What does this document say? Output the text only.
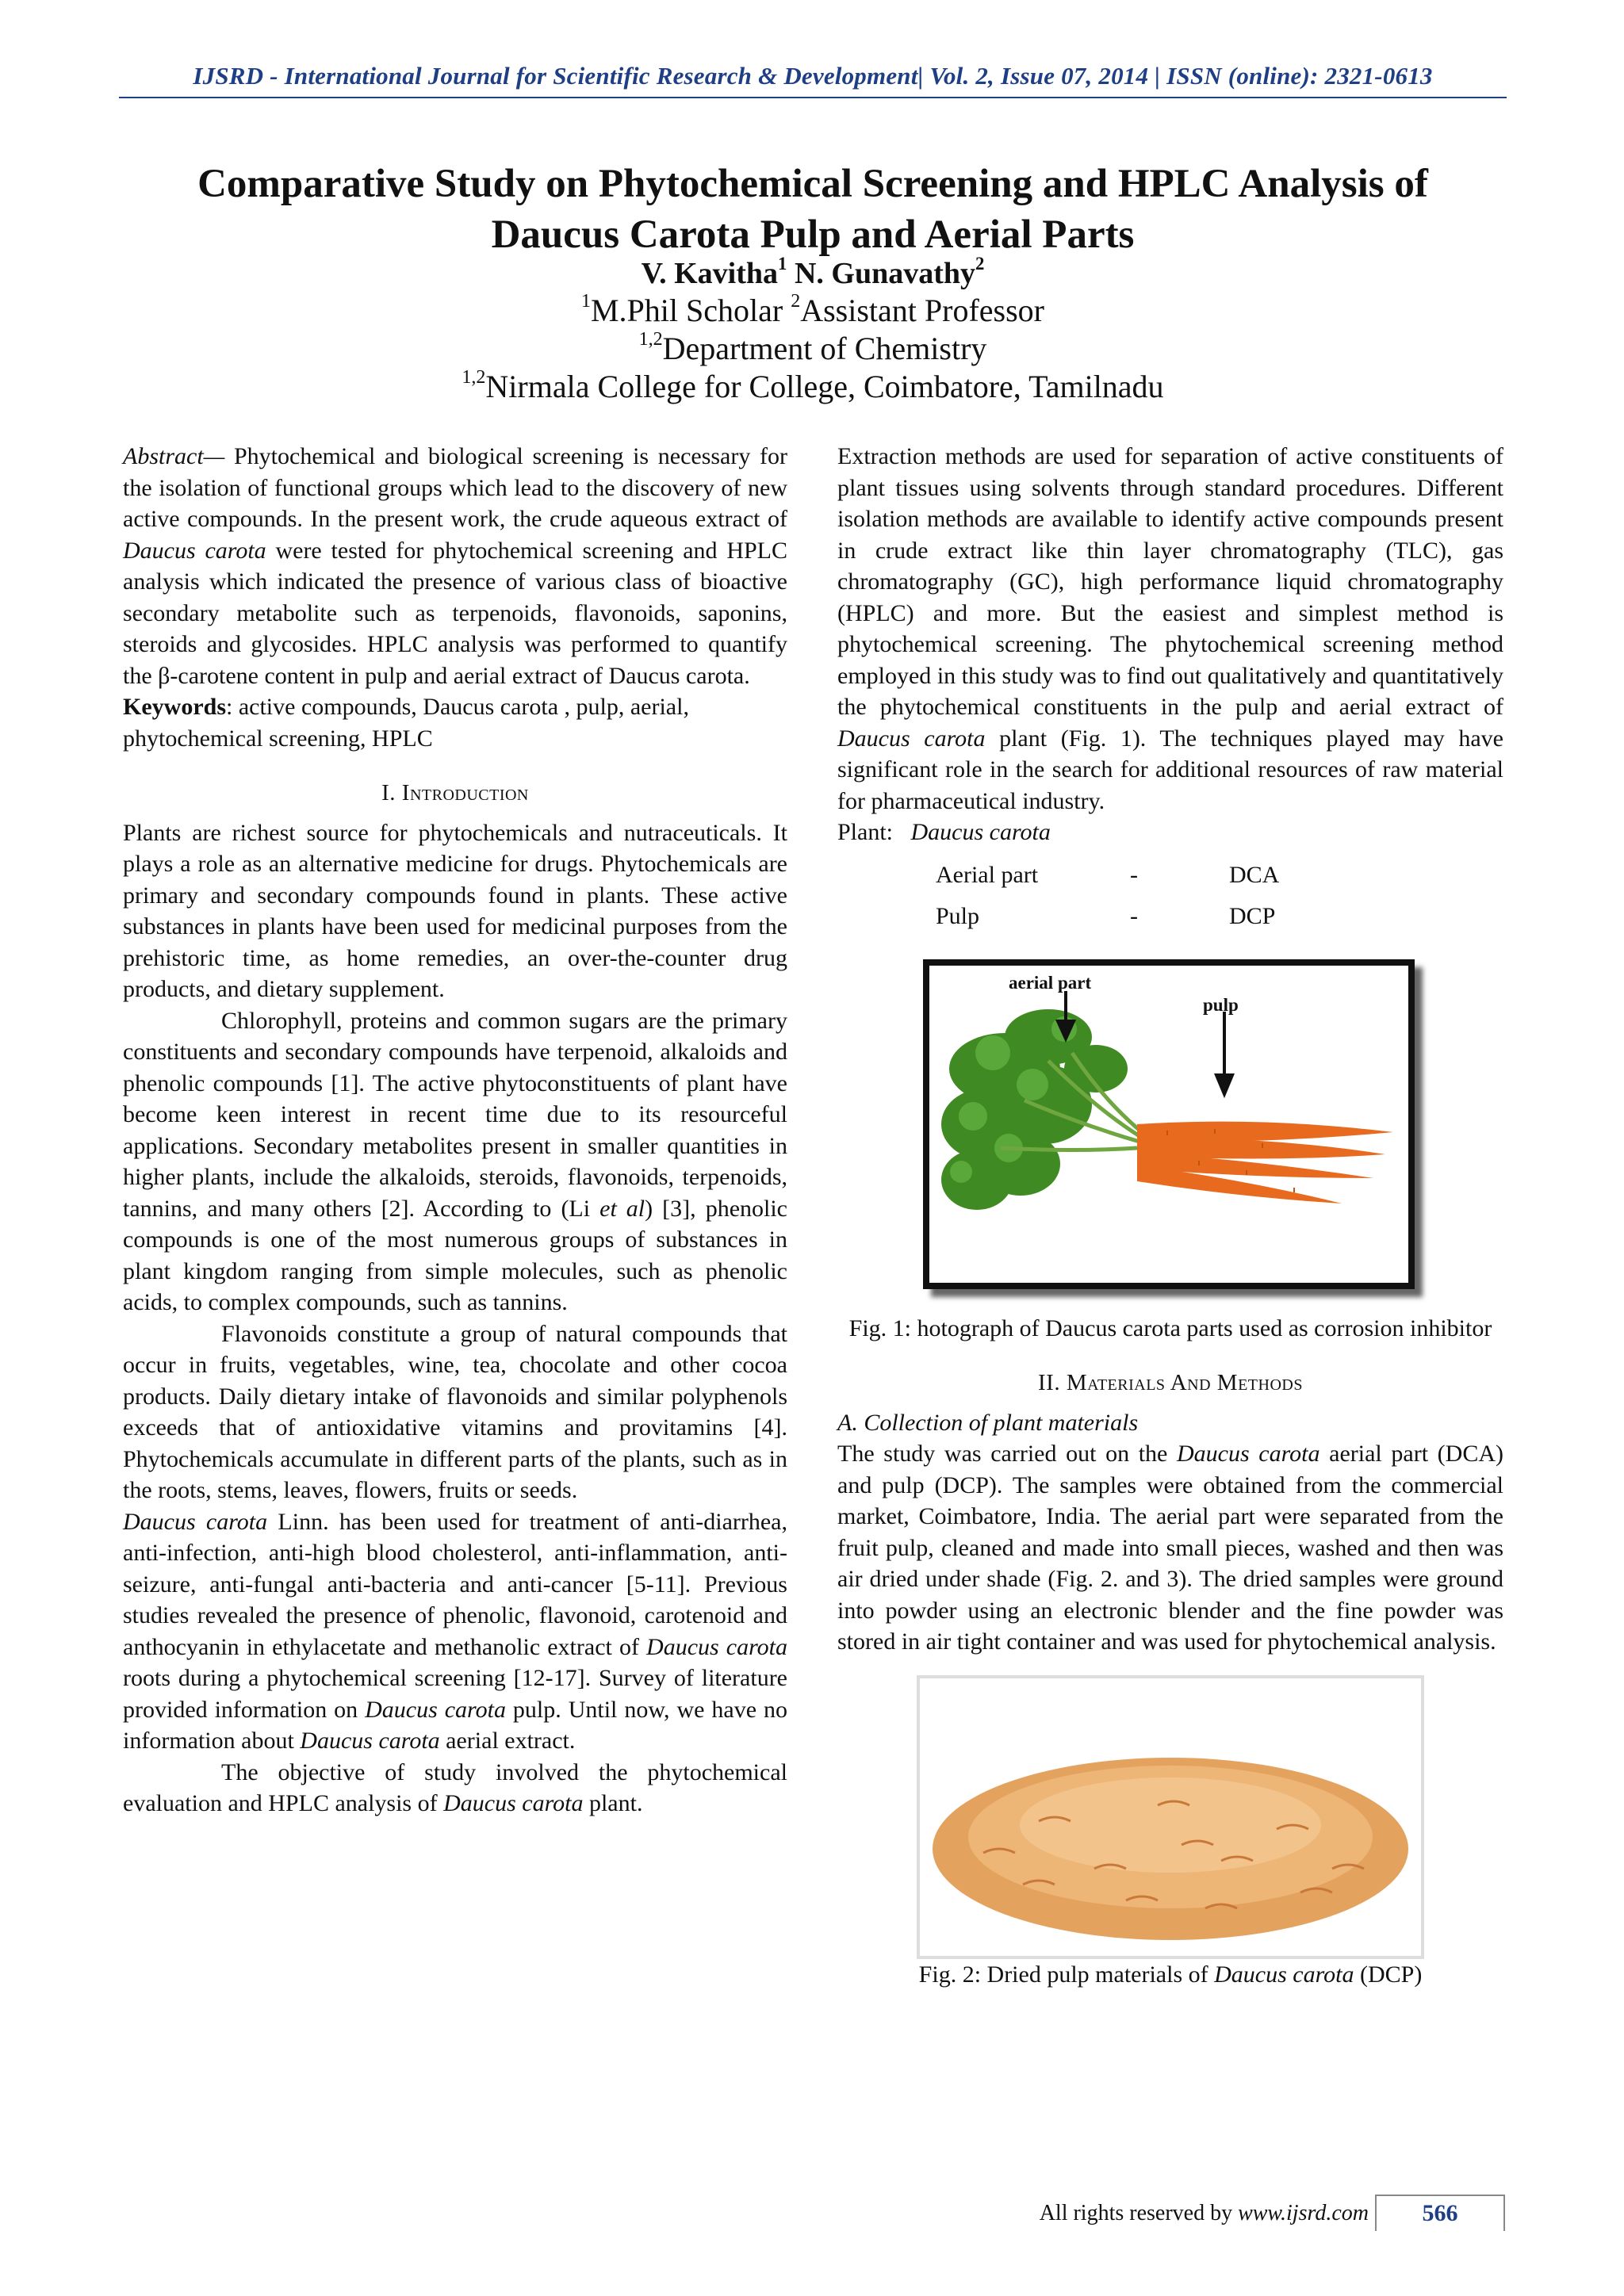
IJSRD - International Journal for Scientific Research & Development| Vol. 2, Issue 07, 2014 | ISSN (online): 2321-0613
Comparative Study on Phytochemical Screening and HPLC Analysis of
Daucus Carota Pulp and Aerial Parts
V. Kavitha$^1$ N. Gunavathy$^2$
$^1$M.Phil Scholar $^2$Assistant Professor
$^{1,2}$Department of Chemistry
$^{1,2}$Nirmala College for College, Coimbatore, Tamilnadu

Abstract— Phytochemical and biological screening is necessary for the isolation of functional groups which lead to the discovery of new active compounds. In the present work, the crude aqueous extract of Daucus carota were tested for phytochemical screening and HPLC analysis which indicated the presence of various class of bioactive secondary metabolite such as terpenoids, flavonoids, saponins, steroids and glycosides. HPLC analysis was performed to quantify the β-carotene content in pulp and aerial extract of Daucus carota.

Keywords: active compounds, Daucus carota , pulp, aerial, phytochemical screening, HPLC

I. Introduction

Plants are richest source for phytochemicals and nutraceuticals. It plays a role as an alternative medicine for drugs. Phytochemicals are primary and secondary compounds found in plants. These active substances in plants have been used for medicinal purposes from the prehistoric time, as home remedies, an over-the-counter drug products, and dietary supplement.

Chlorophyll, proteins and common sugars are the primary constituents and secondary compounds have terpenoid, alkaloids and phenolic compounds [1]. The active phytoconstituents of plant have become keen interest in recent time due to its resourceful applications. Secondary metabolites present in smaller quantities in higher plants, include the alkaloids, steroids, flavonoids, terpenoids, tannins, and many others [2]. According to (Li et al) [3], phenolic compounds is one of the most numerous groups of substances in plant kingdom ranging from simple molecules, such as phenolic acids, to complex compounds, such as tannins.

Flavonoids constitute a group of natural compounds that occur in fruits, vegetables, wine, tea, chocolate and other cocoa products. Daily dietary intake of flavonoids and similar polyphenols exceeds that of antioxidative vitamins and provitamins [4]. Phytochemicals accumulate in different parts of the plants, such as in the roots, stems, leaves, flowers, fruits or seeds.

Daucus carota Linn. has been used for treatment of anti-diarrhea, anti-infection, anti-high blood cholesterol, anti-inflammation, anti-seizure, anti-fungal anti-bacteria and anti-cancer [5-11]. Previous studies revealed the presence of phenolic, flavonoid, carotenoid and anthocyanin in ethylacetate and methanolic extract of Daucus carota roots during a phytochemical screening [12-17]. Survey of literature provided information on Daucus carota pulp. Until now, we have no information about Daucus carota aerial extract.

The objective of study involved the phytochemical evaluation and HPLC analysis of Daucus carota plant.

Extraction methods are used for separation of active constituents of plant tissues using solvents through standard procedures. Different isolation methods are available to identify active compounds present in crude extract like thin layer chromatography (TLC), gas chromatography (GC), high performance liquid chromatography (HPLC) and more. But the easiest and simplest method is phytochemical screening. The phytochemical screening method employed in this study was to find out qualitatively and quantitatively the phytochemical constituents in the pulp and aerial extract of Daucus carota plant (Fig. 1). The techniques played may have significant role in the search for additional resources of raw material for pharmaceutical industry.

Plant: Daucus carota

Aerial part	-	DCA
Pulp	-	DCP
aerial part
pulp

Fig. 1: hotograph of Daucus carota parts used as corrosion inhibitor

II. Materials And Methods

A. Collection of plant materials

The study was carried out on the Daucus carota aerial part (DCA) and pulp (DCP). The samples were obtained from the commercial market, Coimbatore, India. The aerial part were separated from the fruit pulp, cleaned and made into small pieces, washed and then was air dried under shade (Fig. 2. and 3). The dried samples were ground into powder using an electronic blender and the fine powder was stored in air tight container and was used for phytochemical analysis.

Fig. 2: Dried pulp materials of Daucus carota (DCP)

All rights reserved by www.ijsrd.com	566
